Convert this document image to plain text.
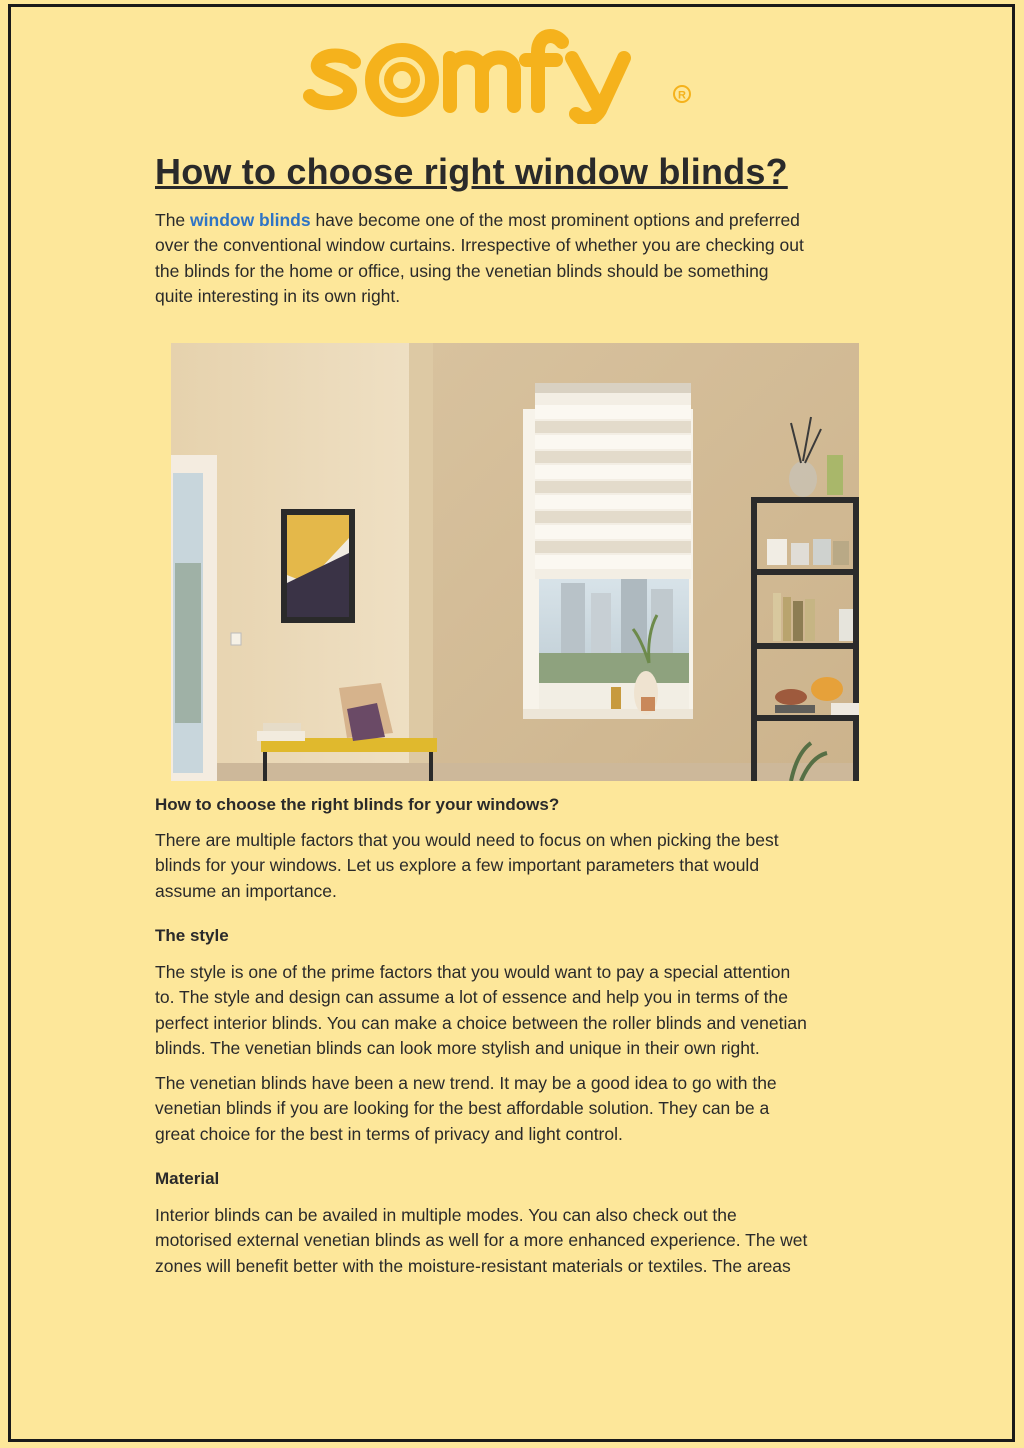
R
How to choose right window blinds?

The window blinds have become one of the most prominent options and preferred
over the conventional window curtains. Irrespective of whether you are checking out
the blinds for the home or office, using the venetian blinds should be something
quite interesting in its own right.

How to choose the right blinds for your windows?

There are multiple factors that you would need to focus on when picking the best
blinds for your windows. Let us explore a few important parameters that would
assume an importance.

The style

The style is one of the prime factors that you would want to pay a special attention
to. The style and design can assume a lot of essence and help you in terms of the
perfect interior blinds. You can make a choice between the roller blinds and venetian
blinds. The venetian blinds can look more stylish and unique in their own right.

The venetian blinds have been a new trend. It may be a good idea to go with the
venetian blinds if you are looking for the best affordable solution. They can be a
great choice for the best in terms of privacy and light control.

Material

Interior blinds can be availed in multiple modes. You can also check out the
motorised external venetian blinds as well for a more enhanced experience. The wet
zones will benefit better with the moisture-resistant materials or textiles. The areas
